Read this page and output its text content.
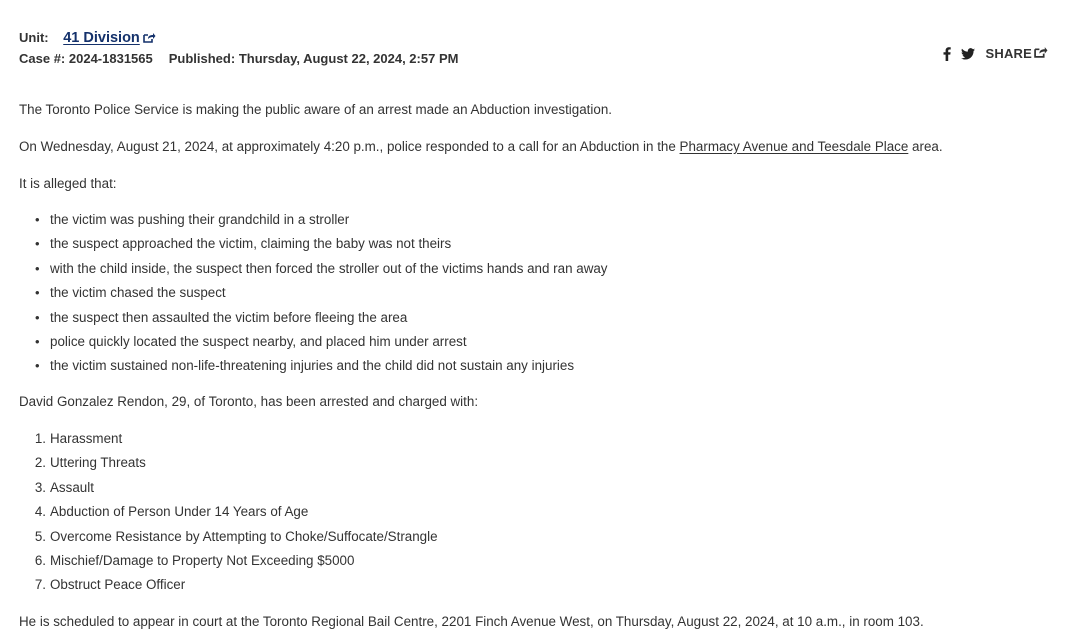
Unit: 41 Division
Case #: 2024-1831565 Published: Thursday, August 22, 2024, 2:57 PM	SHARE

The Toronto Police Service is making the public aware of an arrest made an Abduction investigation.

On Wednesday, August 21, 2024, at approximately 4:20 p.m., police responded to a call for an Abduction in the Pharmacy Avenue and Teesdale Place area.

It is alleged that:

• the victim was pushing their grandchild in a stroller
• the suspect approached the victim, claiming the baby was not theirs
• with the child inside, the suspect then forced the stroller out of the victims hands and ran away
• the victim chased the suspect
• the suspect then assaulted the victim before fleeing the area
• police quickly located the suspect nearby, and placed him under arrest
• the victim sustained non-life-threatening injuries and the child did not sustain any injuries

David Gonzalez Rendon, 29, of Toronto, has been arrested and charged with:

1. Harassment
2. Uttering Threats
3. Assault
4. Abduction of Person Under 14 Years of Age
5. Overcome Resistance by Attempting to Choke/Suffocate/Strangle
6. Mischief/Damage to Property Not Exceeding $5000
7. Obstruct Peace Officer

He is scheduled to appear in court at the Toronto Regional Bail Centre, 2201 Finch Avenue West, on Thursday, August 22, 2024, at 10 a.m., in room 103.
